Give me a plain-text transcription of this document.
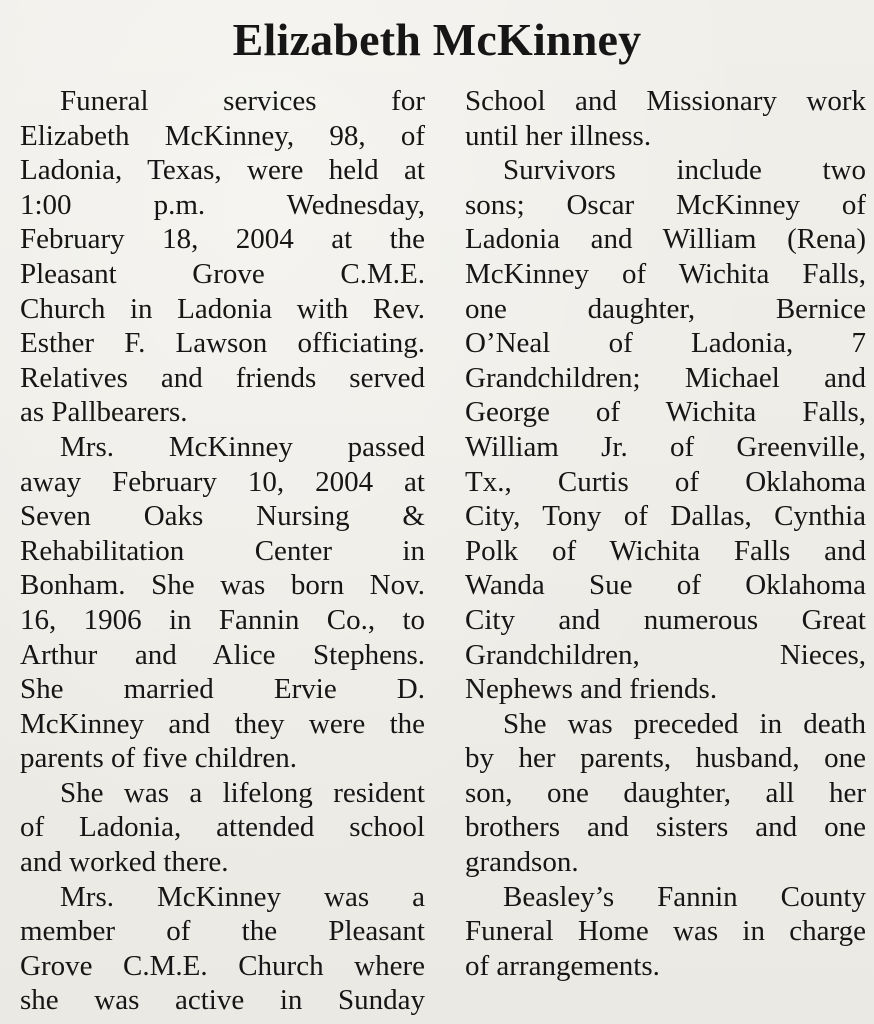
Elizabeth McKinney
Funeral services for
Elizabeth McKinney, 98, of
Ladonia, Texas, were held at
1:00 p.m. Wednesday,
February 18, 2004 at the
Pleasant Grove C.M.E.
Church in Ladonia with Rev.
Esther F. Lawson officiating.
Relatives and friends served
as Pallbearers.
Mrs. McKinney passed
away February 10, 2004 at
Seven Oaks Nursing &
Rehabilitation Center in
Bonham. She was born Nov.
16, 1906 in Fannin Co., to
Arthur and Alice Stephens.
She married Ervie D.
McKinney and they were the
parents of five children.
She was a lifelong resident
of Ladonia, attended school
and worked there.
Mrs. McKinney was a
member of the Pleasant
Grove C.M.E. Church where
she was active in Sunday
School and Missionary work
until her illness.
Survivors include two
sons; Oscar McKinney of
Ladonia and William (Rena)
McKinney of Wichita Falls,
one daughter, Bernice
O’Neal of Ladonia, 7
Grandchildren; Michael and
George of Wichita Falls,
William Jr. of Greenville,
Tx., Curtis of Oklahoma
City, Tony of Dallas, Cynthia
Polk of Wichita Falls and
Wanda Sue of Oklahoma
City and numerous Great
Grandchildren, Nieces,
Nephews and friends.
She was preceded in death
by her parents, husband, one
son, one daughter, all her
brothers and sisters and one
grandson.
Beasley’s Fannin County
Funeral Home was in charge
of arrangements.
